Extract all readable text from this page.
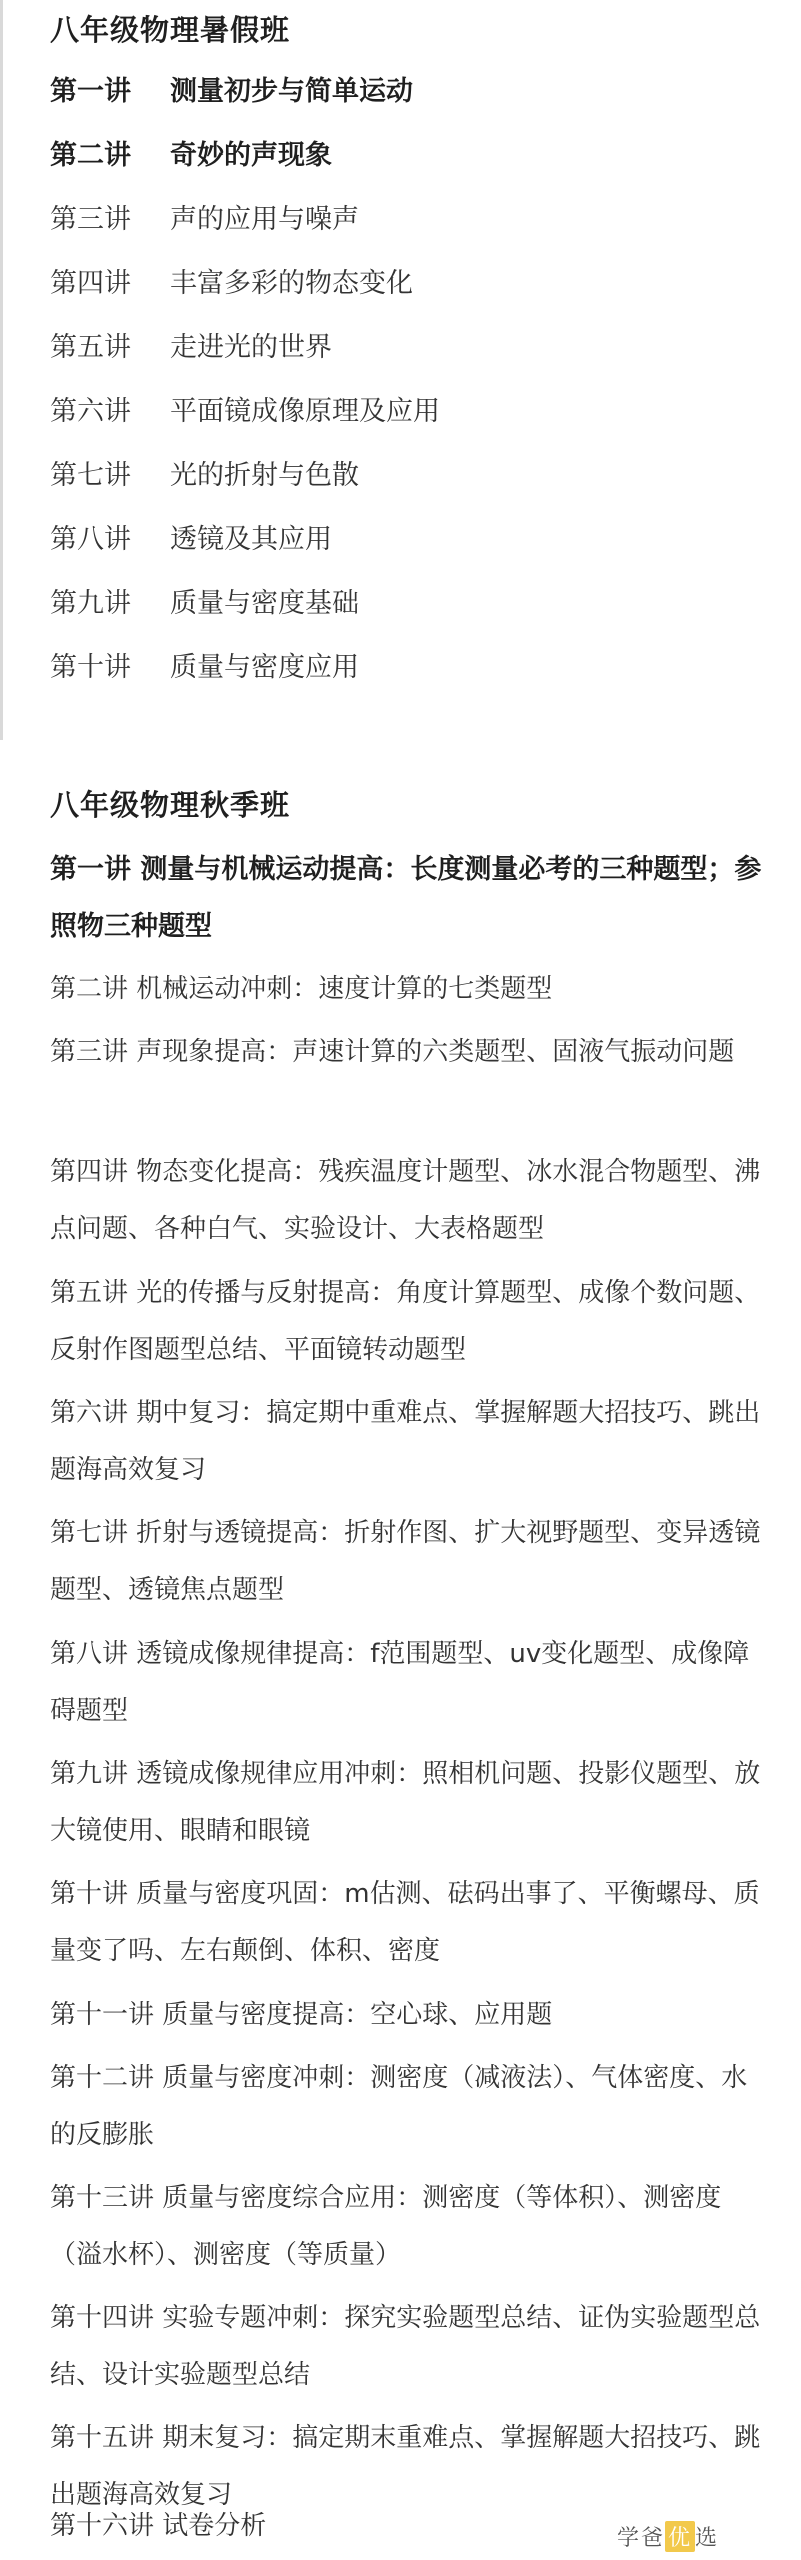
八年级物理暑假班
第一讲 测量初步与简单运动
第二讲 奇妙的声现象
第三讲 声的应用与噪声
第四讲 丰富多彩的物态变化
第五讲 走进光的世界
第六讲 平面镜成像原理及应用
第七讲 光的折射与色散
第八讲 透镜及其应用
第九讲 质量与密度基础
第十讲 质量与密度应用
八年级物理秋季班
第一讲 测量与机械运动提高：长度测量必考的三种题型；参照物三种题型
第二讲 机械运动冲刺：速度计算的七类题型
第三讲 声现象提高：声速计算的六类题型、固液气振动问题
第四讲 物态变化提高：残疾温度计题型、冰水混合物题型、沸点问题、各种白气、实验设计、大表格题型
第五讲 光的传播与反射提高：角度计算题型、成像个数问题、反射作图题型总结、平面镜转动题型
第六讲 期中复习：搞定期中重难点、掌握解题大招技巧、跳出题海高效复习
第七讲 折射与透镜提高：折射作图、扩大视野题型、变异透镜题型、透镜焦点题型
第八讲 透镜成像规律提高：f范围题型、uv变化题型、成像障碍题型
第九讲 透镜成像规律应用冲刺：照相机问题、投影仪题型、放大镜使用、眼睛和眼镜
第十讲 质量与密度巩固：m估测、砝码出事了、平衡螺母、质量变了吗、左右颠倒、体积、密度
第十一讲 质量与密度提高：空心球、应用题
第十二讲 质量与密度冲刺：测密度（减液法）、气体密度、水的反膨胀
第十三讲 质量与密度综合应用：测密度（等体积）、测密度（溢水杯）、测密度（等质量）
第十四讲 实验专题冲刺：探究实验题型总结、证伪实验题型总结、设计实验题型总结
第十五讲 期末复习：搞定期末重难点、掌握解题大招技巧、跳出题海高效复习
第十六讲 试卷分析	学爸 优 选
